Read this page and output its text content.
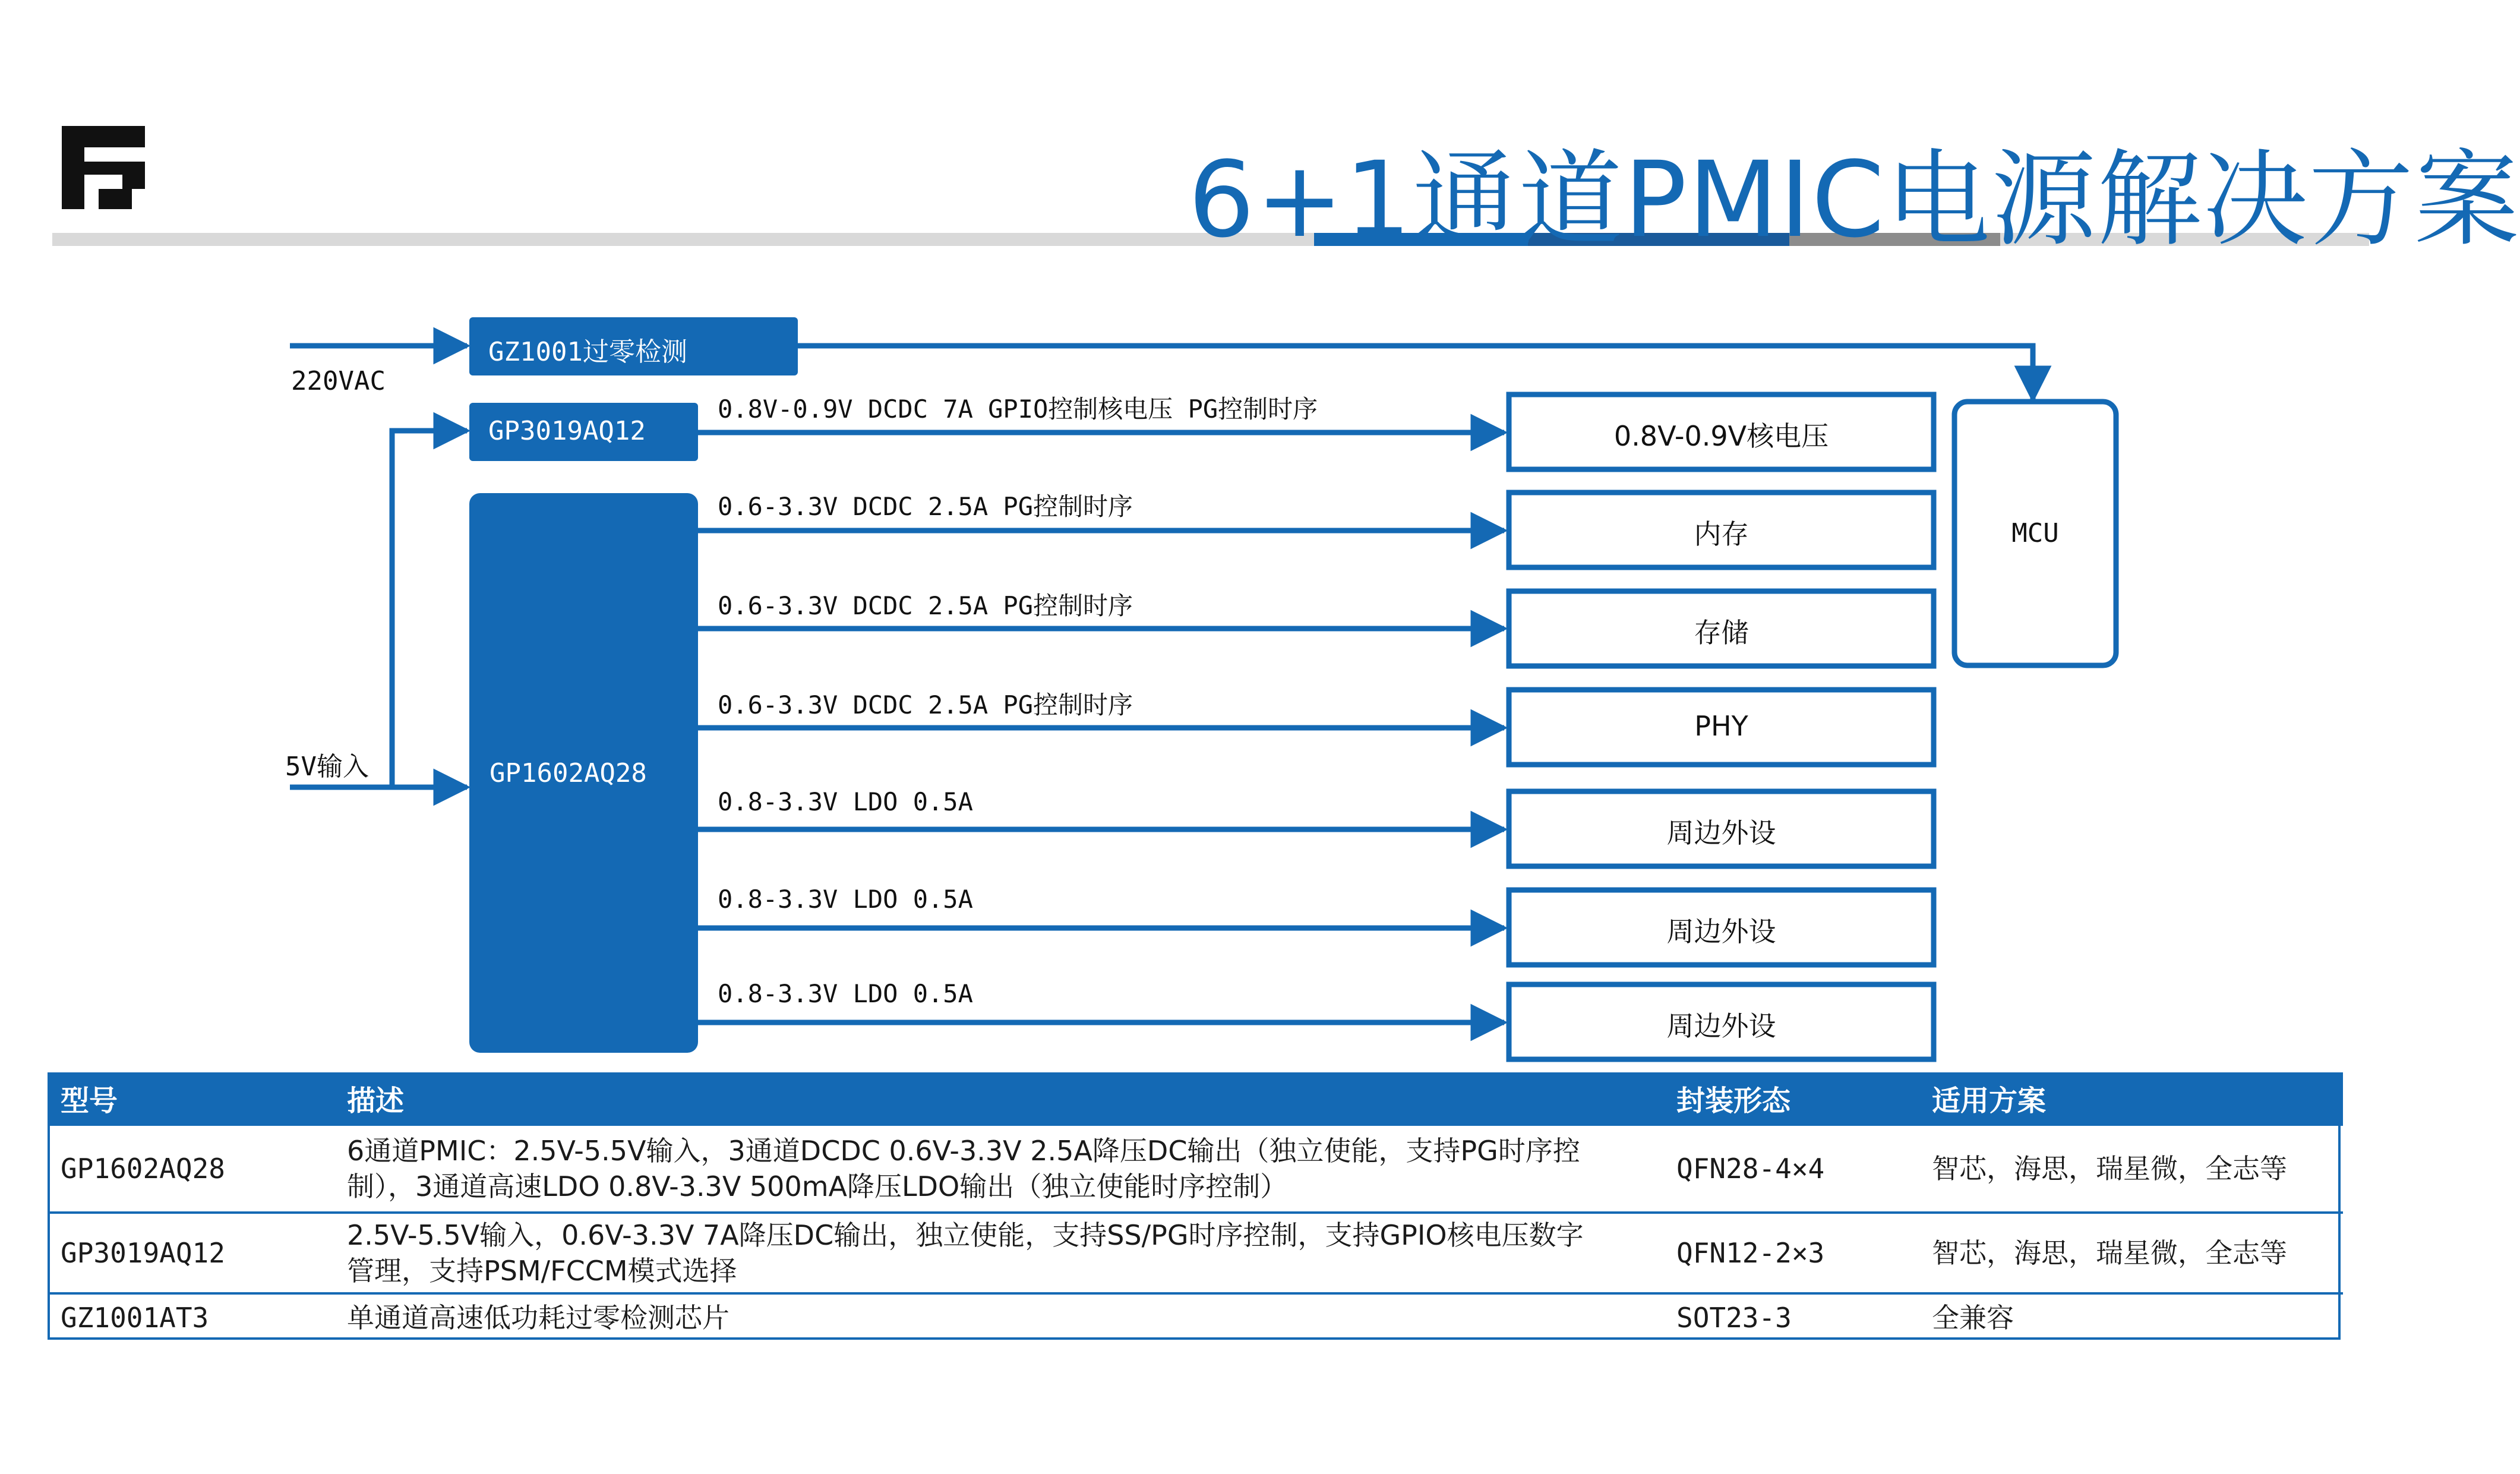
6+1通道PMIC电源解决方案
220VAC
5V输入
GZ1001过零检测
GP3019AQ12
GP1602AQ28
0.8V-0.9V DCDC 7A GPIO控制核电压 PG控制时序
0.6-3.3V DCDC 2.5A PG控制时序
0.6-3.3V DCDC 2.5A PG控制时序
0.6-3.3V DCDC 2.5A PG控制时序
0.8-3.3V LDO 0.5A
0.8-3.3V LDO 0.5A
0.8-3.3V LDO 0.5A
0.8V-0.9V核电压
内存
存储
PHY
周边外设
周边外设
周边外设
MCU
型号	描述	封装形态	适用方案
GP1602AQ28	6通道PMIC：2.5V-5.5V输入，3通道DCDC 0.6V-3.3V 2.5A降压DC输出（独立使能，支持PG时序控
制），3通道高速LDO 0.8V-3.3V 500mA降压LDO输出（独立使能时序控制）	QFN28-4×4	智芯，海思，瑞星微，全志等
GP3019AQ12	2.5V-5.5V输入，0.6V-3.3V 7A降压DC输出，独立使能，支持SS/PG时序控制，支持GPIO核电压数字
管理，支持PSM/FCCM模式选择	QFN12-2×3	智芯，海思，瑞星微，全志等
GZ1001AT3	单通道高速低功耗过零检测芯片	SOT23-3	全兼容
